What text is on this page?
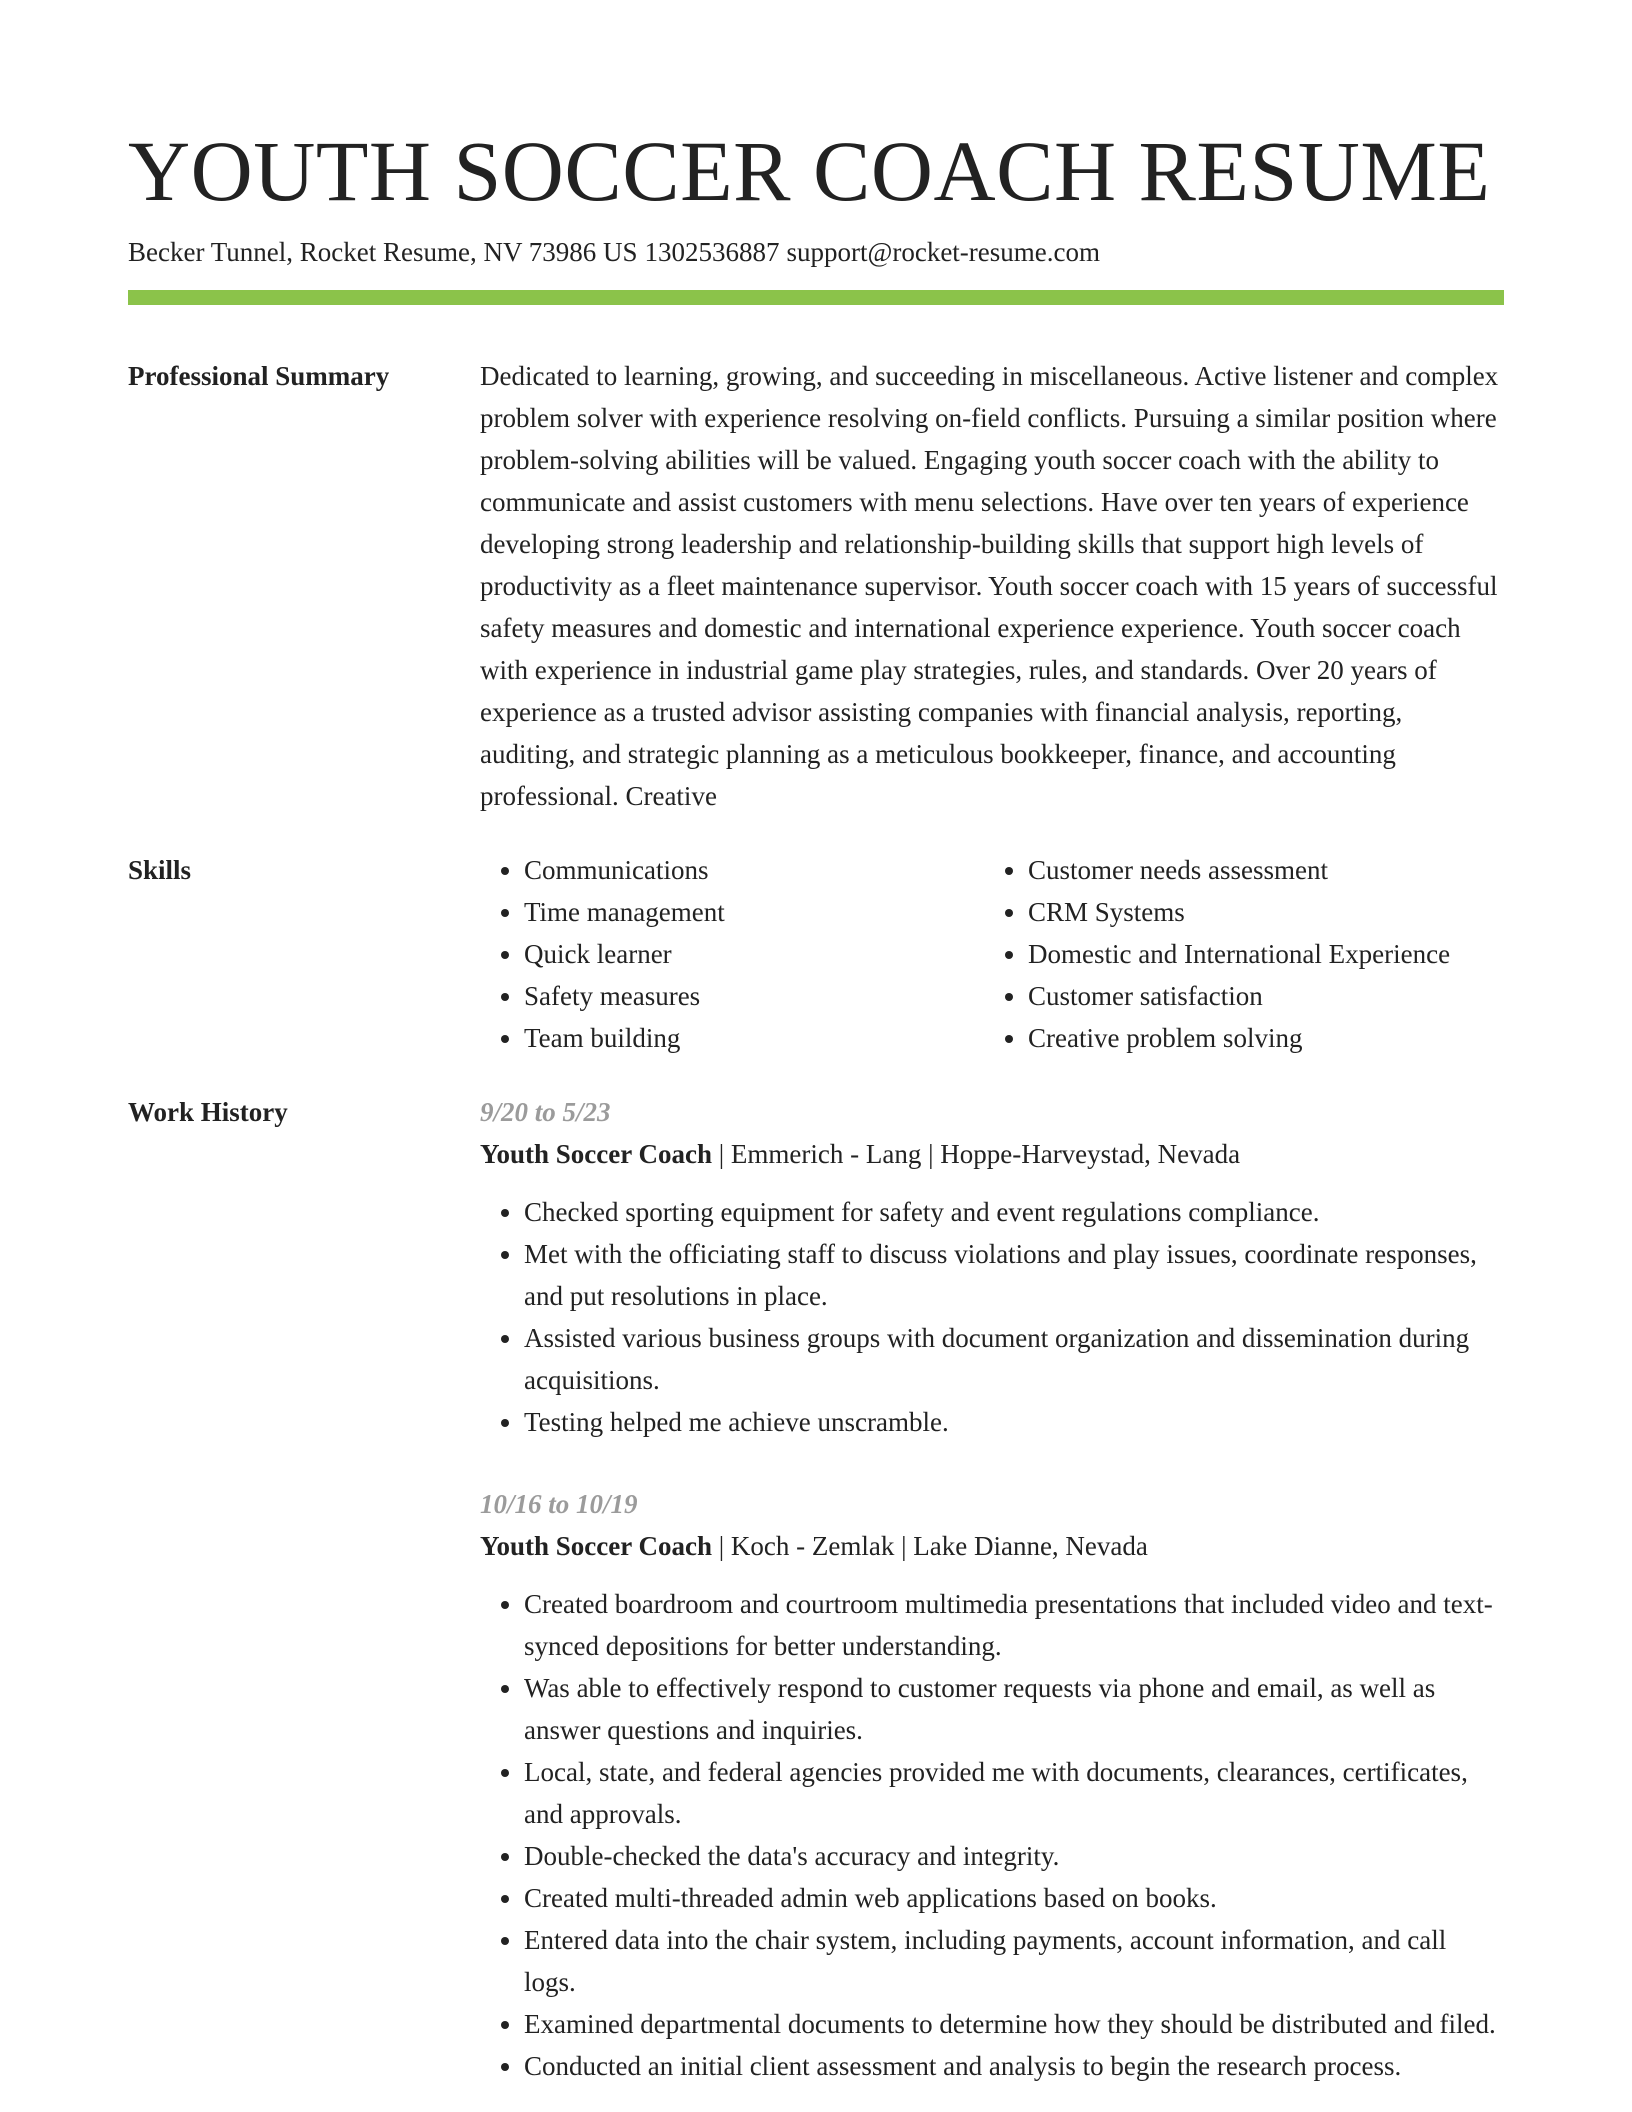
YOUTH SOCCER COACH RESUME
Becker Tunnel, Rocket Resume, NV 73986 US 1302536887 support@rocket-resume.com
Professional Summary	Dedicated to learning, growing, and succeeding in miscellaneous. Active listener and complex problem solver with experience resolving on-field conflicts. Pursuing a similar position where problem-solving abilities will be valued. Engaging youth soccer coach with the ability to communicate and assist customers with menu selections. Have over ten years of experience developing strong leadership and relationship-building skills that support high levels of productivity as a fleet maintenance supervisor. Youth soccer coach with 15 years of successful safety measures and domestic and international experience experience. Youth soccer coach with experience in industrial game play strategies, rules, and standards. Over 20 years of experience as a trusted advisor assisting companies with financial analysis, reporting, auditing, and strategic planning as a meticulous bookkeeper, finance, and accounting professional. Creative
Skills
•	Communications
• Time management
• Quick learner
• Safety measures
• Team building
• Customer needs assessment
• CRM Systems
• Domestic and International Experience
• Customer satisfaction
• Creative problem solving
Work History	9/20 to 5/23
Youth Soccer Coach | Emmerich - Lang | Hoppe-Harveystad, Nevada
• Checked sporting equipment for safety and event regulations compliance.
• Met with the officiating staff to discuss violations and play issues, coordinate responses, and put resolutions in place.
• Assisted various business groups with document organization and dissemination during acquisitions.
• Testing helped me achieve unscramble.
10/16 to 10/19
Youth Soccer Coach | Koch - Zemlak | Lake Dianne, Nevada
• Created boardroom and courtroom multimedia presentations that included video and text-synced depositions for better understanding.
• Was able to effectively respond to customer requests via phone and email, as well as answer questions and inquiries.
• Local, state, and federal agencies provided me with documents, clearances, certificates, and approvals.
• Double-checked the data's accuracy and integrity.
• Created multi-threaded admin web applications based on books.
• Entered data into the chair system, including payments, account information, and call logs.
• Examined departmental documents to determine how they should be distributed and filed.
• Conducted an initial client assessment and analysis to begin the research process.
